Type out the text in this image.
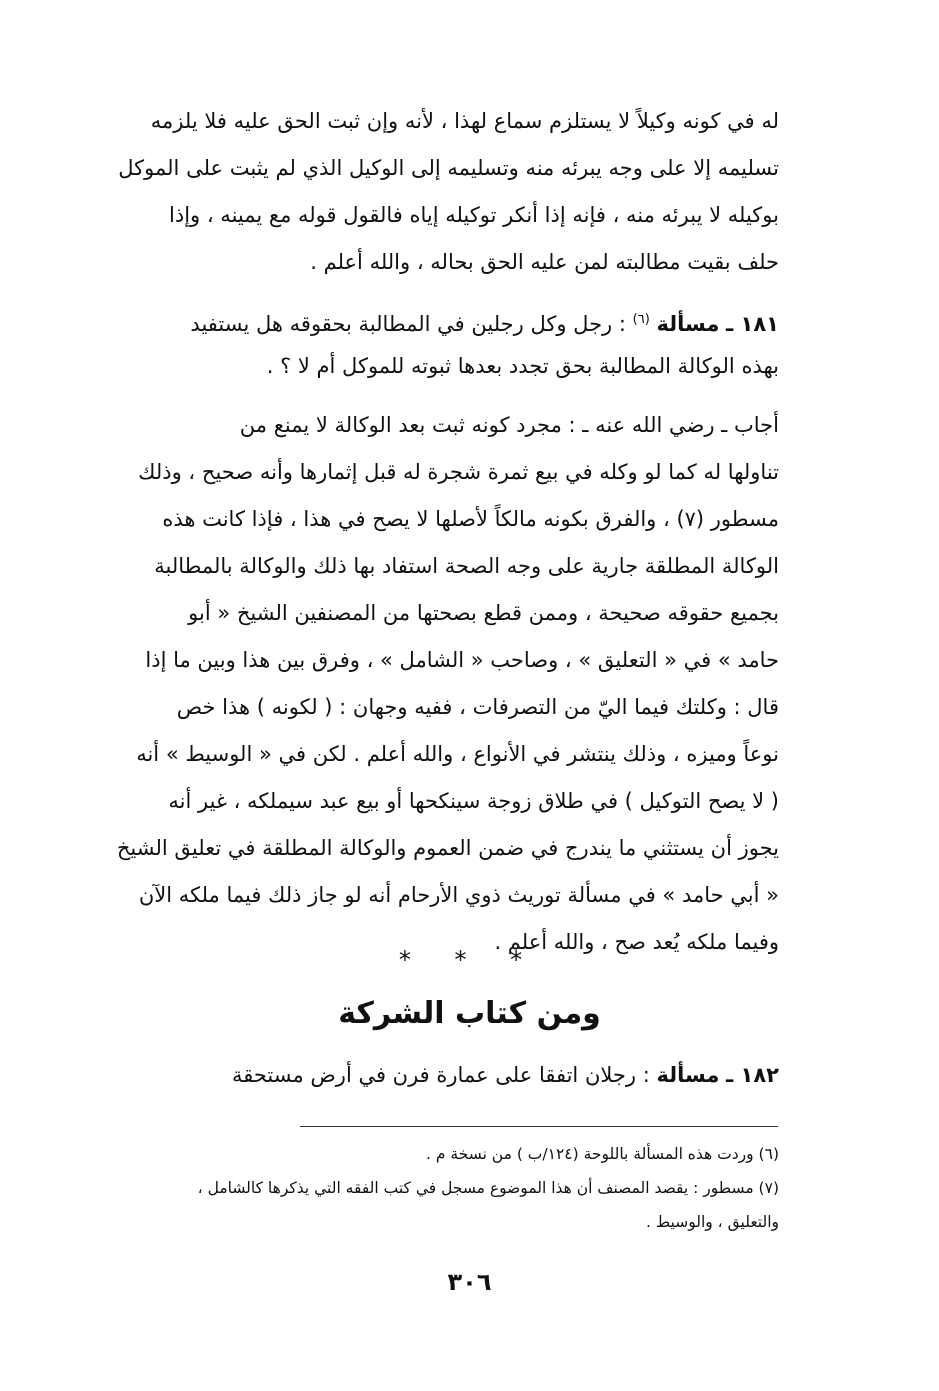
له في كونه وكيلاً لا يستلزم سماع لهذا ، لأنه وإن ثبت الحق عليه فلا يلزمه
تسليمه إلا على وجه يبرئه منه وتسليمه إلى الوكيل الذي لم يثبت على الموكل
بوكيله لا يبرئه منه ، فإنه إذا أنكر توكيله إياه فالقول قوله مع يمينه ، وإذا
حلف بقيت مطالبته لمن عليه الحق بحاله ، والله أعلم .
١٨١ ـ مسألة $^{(٦)}$ : رجل وكل رجلين في المطالبة بحقوقه هل يستفيد
بهذه الوكالة المطالبة بحق تجدد بعدها ثبوته للموكل أم لا ؟ .
أجاب ـ رضي الله عنه ـ : مجرد كونه ثبت بعد الوكالة لا يمنع من
تناولها له كما لو وكله في بيع ثمرة شجرة له قبل إثمارها وأنه صحيح ، وذلك
مسطور (٧) ، والفرق بكونه مالكاً لأصلها لا يصح في هذا ، فإذا كانت هذه
الوكالة المطلقة جارية على وجه الصحة استفاد بها ذلك والوكالة بالمطالبة
بجميع حقوقه صحيحة ، وممن قطع بصحتها من المصنفين الشيخ « أبو
حامد » في « التعليق » ، وصاحب « الشامل » ، وفرق بين هذا وبين ما إذا
قال : وكلتك فيما اليّ من التصرفات ، ففيه وجهان : ( لكونه ) هذا خص
نوعاً وميزه ، وذلك ينتشر في الأنواع ، والله أعلم . لكن في « الوسيط » أنه
( لا يصح التوكيل ) في طلاق زوجة سينكحها أو بيع عبد سيملكه ، غير أنه
يجوز أن يستثني ما يندرج في ضمن العموم والوكالة المطلقة في تعليق الشيخ
« أبي حامد » في مسألة توريث ذوي الأرحام أنه لو جاز ذلك فيما ملكه الآن
وفيما ملكه يُعد صح ، والله أعلم .
* * *
ومن كتاب الشركة
١٨٢ ـ مسألة : رجلان اتفقا على عمارة فرن في أرض مستحقة
(٦) وردت هذه المسألة باللوحة (١٢٤/ب ) من نسخة م .
(٧) مسطور : يقصد المصنف أن هذا الموضوع مسجل في كتب الفقه التي يذكرها كالشامل ،
والتعليق ، والوسيط .
٣٠٦
